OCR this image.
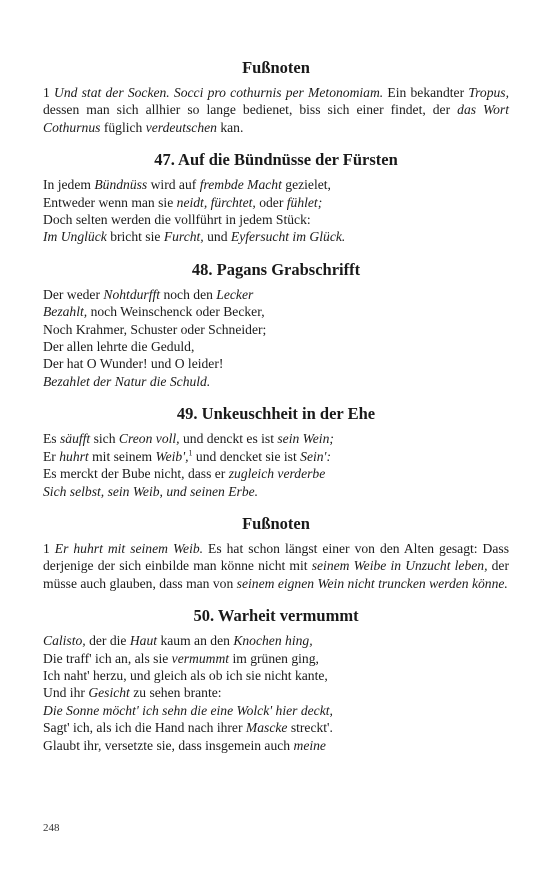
Fußnoten

1 Und stat der Socken. Socci pro cothurnis per Metonomiam. Ein bekandter Tropus, dessen man sich allhier so lange bedienet, biss sich einer findet, der das Wort Cothurnus füglich verdeutschen kan.

47. Auf die Bündnüsse der Fürsten
In jedem Bündnüss wird auf frembde Macht gezielet,
Entweder wenn man sie neidt, fürchtet, oder fühlet;
Doch selten werden die vollführt in jedem Stück:
Im Unglück bricht sie Furcht, und Eyfersucht im Glück.
48. Pagans Grabschrifft
Der weder Nohtdurfft noch den Lecker
Bezahlt, noch Weinschenck oder Becker,
Noch Krahmer, Schuster oder Schneider;
Der allen lehrte die Geduld,
Der hat O Wunder! und O leider!
Bezahlet der Natur die Schuld.
49. Unkeuschheit in der Ehe
Es säufft sich Creon voll, und denckt es ist sein Wein;
Er huhrt mit seinem Weib',$^1$ und dencket sie ist Sein':
Es merckt der Bube nicht, dass er zugleich verderbe
Sich selbst, sein Weib, und seinen Erbe.
Fußnoten

1 Er huhrt mit seinem Weib. Es hat schon längst einer von den Alten gesagt: Dass derjenige der sich einbilde man könne nicht mit seinem Weibe in Unzucht leben, der müsse auch glauben, dass man von seinem eignen Wein nicht truncken werden könne.

50. Warheit vermummt
Calisto, der die Haut kaum an den Knochen hing,
Die traff' ich an, als sie vermummt im grünen ging,
Ich naht' herzu, und gleich als ob ich sie nicht kante,
Und ihr Gesicht zu sehen brante:
Die Sonne möcht' ich sehn die eine Wolck' hier deckt,
Sagt' ich, als ich die Hand nach ihrer Mascke streckt'.
Glaubt ihr, versetzte sie, dass insgemein auch meine
248
